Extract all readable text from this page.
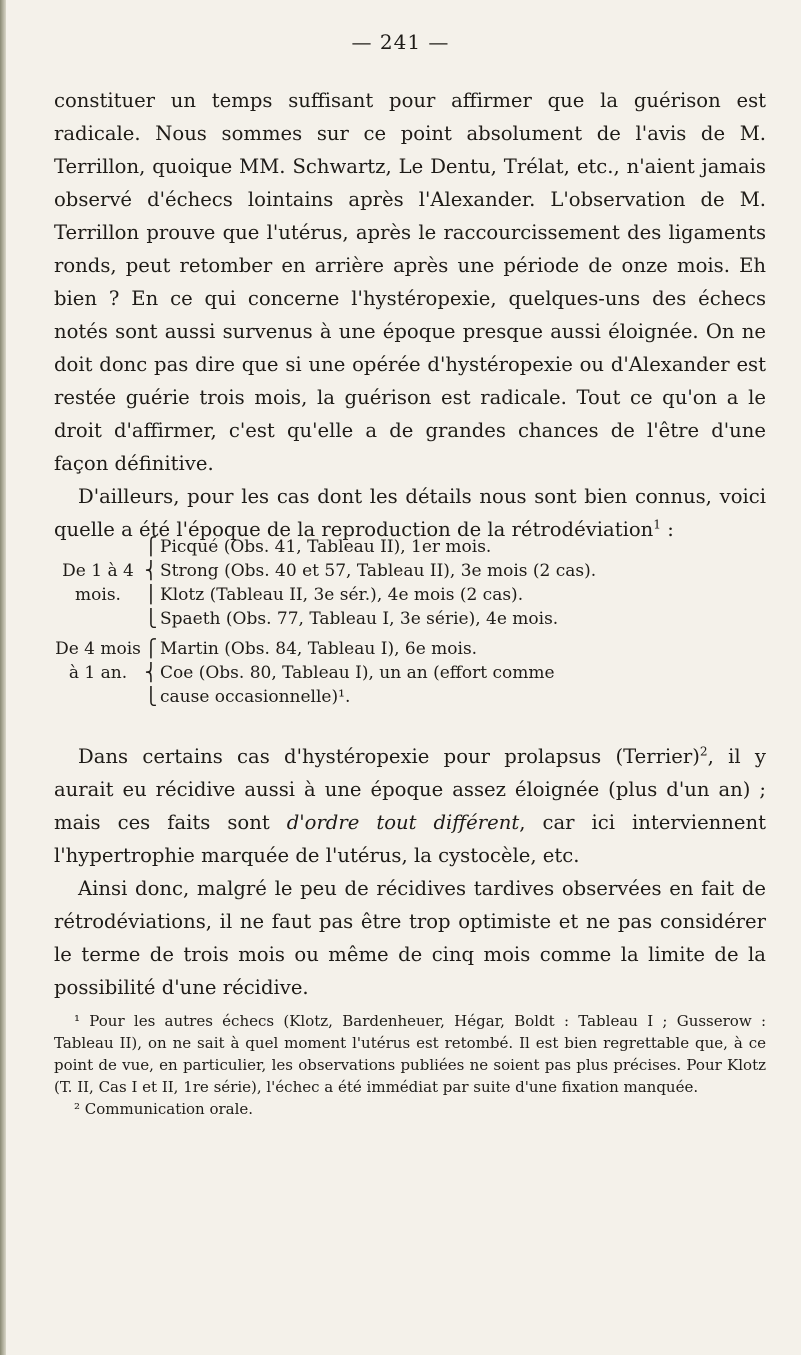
— 241 —

constituer un temps suffisant pour affirmer que la guérison est radicale. Nous sommes sur ce point absolument de l'avis de M. Terrillon, quoique MM. Schwartz, Le Dentu, Trélat, etc., n'aient jamais observé d'échecs lointains après l'Alexander. L'observation de M. Terrillon prouve que l'utérus, après le raccourcissement des ligaments ronds, peut retomber en arrière après une période de onze mois. Eh bien ? En ce qui concerne l'hystéropexie, quelques-uns des échecs notés sont aussi survenus à une époque presque aussi éloignée. On ne doit donc pas dire que si une opérée d'hystéropexie ou d'Alexander est restée guérie trois mois, la guérison est radicale. Tout ce qu'on a le droit d'affirmer, c'est qu'elle a de grandes chances de l'être d'une façon définitive.

D'ailleurs, pour les cas dont les détails nous sont bien connus, voici quelle a été l'époque de la reproduction de la rétrodéviation$^1$ :

De 1 à 4 mois.
⎧
⎨
⎪
⎩
Picqué (Obs. 41, Tableau II), 1er mois.
Strong (Obs. 40 et 57, Tableau II), 3e mois (2 cas).
Klotz (Tableau II, 3e sér.), 4e mois (2 cas).
Spaeth (Obs. 77, Tableau I, 3e série), 4e mois.
De 4 mois
à 1 an.
⎧
⎨
⎩
Martin (Obs. 84, Tableau I), 6e mois.
Coe (Obs. 80, Tableau I), un an (effort comme
cause occasionnelle)¹.

Dans certains cas d'hystéropexie pour prolapsus (Terrier)$^2$, il y aurait eu récidive aussi à une époque assez éloignée (plus d'un an) ; mais ces faits sont d'ordre tout différent, car ici interviennent l'hypertrophie marquée de l'utérus, la cystocèle, etc.

Ainsi donc, malgré le peu de récidives tardives observées en fait de rétrodéviations, il ne faut pas être trop optimiste et ne pas considérer le terme de trois mois ou même de cinq mois comme la limite de la possibilité d'une récidive.

¹ Pour les autres échecs (Klotz, Bardenheuer, Hégar, Boldt : Tableau I ; Gusserow : Tableau II), on ne sait à quel moment l'utérus est retombé. Il est bien regrettable que, à ce point de vue, en particulier, les observations publiées ne soient pas plus précises. Pour Klotz (T. II, Cas I et II, 1re série), l'échec a été immédiat par suite d'une fixation manquée.

² Communication orale.
